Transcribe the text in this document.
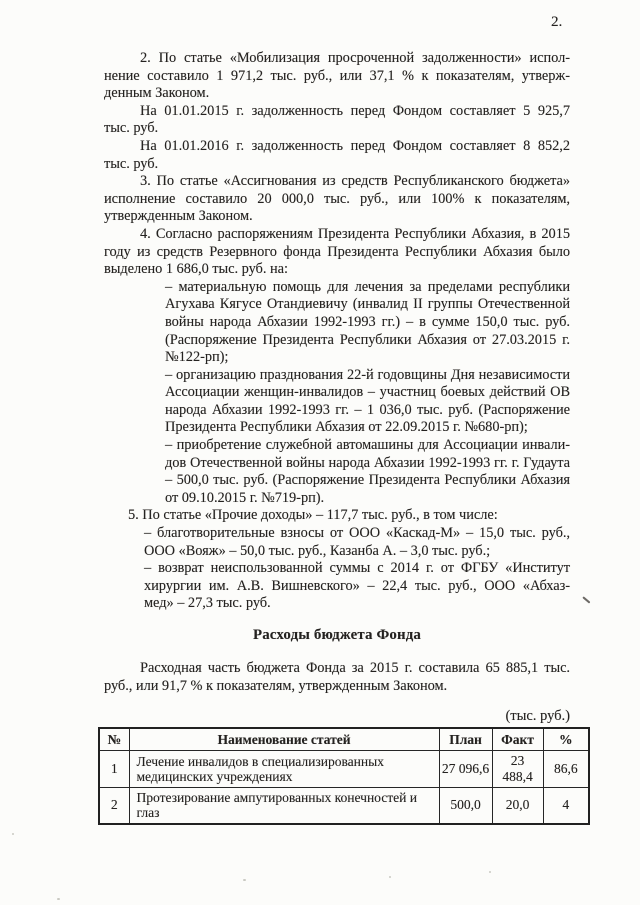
2.
2. По статье «Мобилизация просроченной задолженности» испол-
нение составило 1 971,2 тыс. руб., или 37,1 % к показателям, утверж-
денным Законом.
На 01.01.2015 г. задолженность перед Фондом составляет 5 925,7
тыс. руб.
На 01.01.2016 г. задолженность перед Фондом составляет 8 852,2
тыс. руб.
3. По статье «Ассигнования из средств Республиканского бюджета»
исполнение составило 20 000,0 тыс. руб., или 100% к показателям,
утвержденным Законом.
4. Согласно распоряжениям Президента Республики Абхазия, в 2015
году из средств Резервного фонда Президента Республики Абхазия было
выделено 1 686,0 тыс. руб. на:
– материальную помощь для лечения за пределами республики
Агухава Кягусе Отандиевичу (инвалид II группы Отечественной
войны народа Абхазии 1992-1993 гг.) – в сумме 150,0 тыс. руб.
(Распоряжение Президента Республики Абхазия от 27.03.2015 г.
№122-рп);
– организацию празднования 22-й годовщины Дня независимости
Ассоциации женщин-инвалидов – участниц боевых действий ОВ
народа Абхазии 1992-1993 гг. – 1 036,0 тыс. руб. (Распоряжение
Президента Республики Абхазия от 22.09.2015 г. №680-рп);
– приобретение служебной автомашины для Ассоциации инвали-
дов Отечественной войны народа Абхазии 1992-1993 гг. г. Гудаута
– 500,0 тыс. руб. (Распоряжение Президента Республики Абхазия
от 09.10.2015 г. №719-рп).
5. По статье «Прочие доходы» – 117,7 тыс. руб., в том числе:
– благотворительные взносы от ООО «Каскад-М» – 15,0 тыс. руб.,
ООО «Вояж» – 50,0 тыс. руб., Казанба А. – 3,0 тыс. руб.;
– возврат неиспользованной суммы с 2014 г. от ФГБУ «Институт
хирургии им. А.В. Вишневского» – 22,4 тыс. руб., ООО «Абхаз-
мед» – 27,3 тыс. руб.
Расходы бюджета Фонда
Расходная часть бюджета Фонда за 2015 г. составила 65 885,1 тыс.
руб., или 91,7 % к показателям, утвержденным Законом.
(тыс. руб.)
№	Наименование статей	План	Факт	%
1	Лечение инвалидов в специализированных медицинских учреждениях	27 096,6	23 488,4	86,6
2	Протезирование ампутированных конечностей и глаз	500,0	20,0	4
